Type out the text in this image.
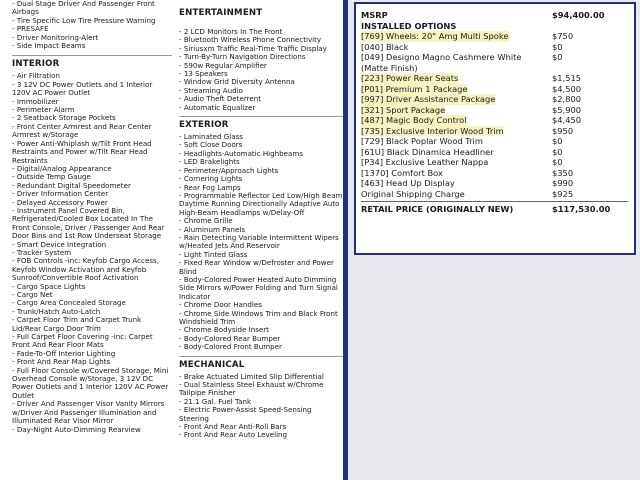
- Dual Stage Driver And Passenger Front Airbags
- Tire Specific Low Tire Pressure Warning
- PRESAFE
- Driver Monitoring-Alert
- Side Impact Beams
INTERIOR
- Air Filtration
- 3 12V DC Power Outlets and 1 Interior 120V AC Power Outlet
- Immobilizer
- Perimeter Alarm
- 2 Seatback Storage Pockets
- Front Center Armrest and Rear Center Armrest w/Storage
- Power Anti-Whiplash w/Tilt Front Head Restraints and Power w/Tilt Rear Head Restraints
- Digital/Analog Appearance
- Outside Temp Gauge
- Redundant Digital Speedometer
- Driver Information Center
- Delayed Accessory Power
- Instrument Panel Covered Bin, Refrigerated/Cooled Box Located In The Front Console, Driver / Passenger And Rear Door Bins and 1st Row Underseat Storage
- Smart Device Integration
- Tracker System
- FOB Controls -inc: Keyfob Cargo Access, Keyfob Window Activation and Keyfob Sunroof/Convertible Roof Activation
- Cargo Space Lights
- Cargo Net
- Cargo Area Concealed Storage
- Trunk/Hatch Auto-Latch
- Carpet Floor Trim and Carpet Trunk Lid/Rear Cargo Door Trim
- Full Carpet Floor Covering -inc: Carpet Front And Rear Floor Mats
- Fade-To-Off Interior Lighting
- Front And Rear Map Lights
- Full Floor Console w/Covered Storage, Mini Overhead Console w/Storage, 3 12V DC Power Outlets and 1 Interior 120V AC Power Outlet
- Driver And Passenger Visor Vanity Mirrors w/Driver And Passenger Illumination and Illuminated Rear Visor Mirror
- Day-Night Auto-Dimming Rearview
ENTERTAINMENT
- 2 LCD Monitors In The Front
- Bluetooth Wireless Phone Connectivity
- Siriusxm Traffic Real-Time Traffic Display
- Turn-By-Turn Navigation Directions
- 590w Regular Amplifier
- 13 Speakers
- Window Grid Diversity Antenna
- Streaming Audio
- Audio Theft Deterrent
- Automatic Equalizer
EXTERIOR
- Laminated Glass
- Soft Close Doors
- Headlights-Automatic Highbeams
- LED Brakelights
- Perimeter/Approach Lights
- Cornering Lights
- Rear Fog Lamps
- Programmable Reflector Led Low/High Beam Daytime Running Directionally Adaptive Auto High-Beam Headlamps w/Delay-Off
- Chrome Grille
- Aluminum Panels
- Rain Detecting Variable Intermittent Wipers w/Heated Jets And Reservoir
- Light Tinted Glass
- Fixed Rear Window w/Defroster and Power Blind
- Body-Colored Power Heated Auto Dimming Side Mirrors w/Power Folding and Turn Signal Indicator
- Chrome Door Handles
- Chrome Side Windows Trim and Black Front Windshield Trim
- Chrome Bodyside Insert
- Body-Colored Rear Bumper
- Body-Colored Front Bumper
MECHANICAL
- Brake Actuated Limited Slip Differential
- Dual Stainless Steel Exhaust w/Chrome Tailpipe Finisher
- 21.1 Gal. Fuel Tank
- Electric Power-Assist Speed-Sensing Steering
- Front And Rear Anti-Roll Bars
- Front And Rear Auto Leveling
MSRP	$94,400.00
INSTALLED OPTIONS
[769] Wheels: 20" Amg Multi Spoke	$750
[040] Black	$0
[049] Designo Magno Cashmere White (Matte Finish)
$0
[223] Power Rear Seats	$1,515
[P01] Premium 1 Package	$4,500
[997] Driver Assistance Package	$2,800
[321] Sport Package	$5,900
[487] Magic Body Control	$4,450
[735] Exclusive Interior Wood Trim	$950
[729] Black Poplar Wood Trim	$0
[61U] Black Dinamica Headliner	$0
[P34] Exclusive Leather Nappa	$0
[1370] Comfort Box	$350
[463] Head Up Display	$990
Original Shipping Charge	$925
RETAIL PRICE (ORIGINALLY NEW)	$117,530.00
